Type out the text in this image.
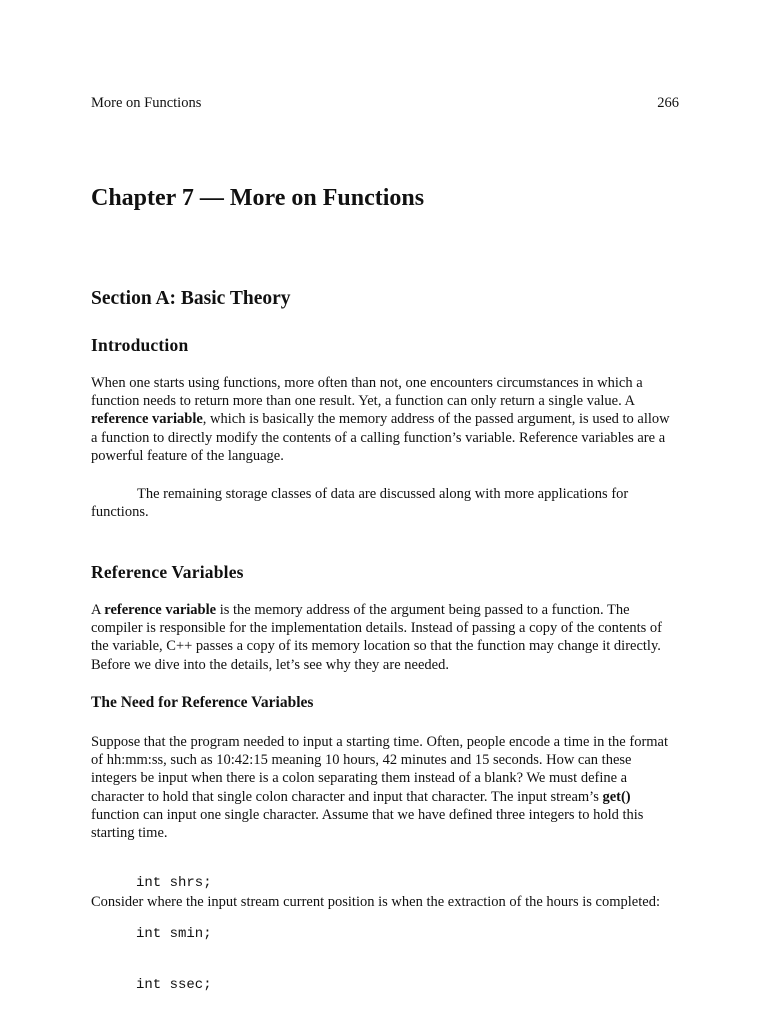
More on Functions	266
Chapter 7 — More on Functions
Section A: Basic Theory
Introduction

When one starts using functions, more often than not, one encounters circumstances in which a function needs to return more than one result. Yet, a function can only return a single value. A reference variable, which is basically the memory address of the passed argument, is used to allow a function to directly modify the contents of a calling function’s variable. Reference variables are a powerful feature of the language.

The remaining storage classes of data are discussed along with more applications for functions.

Reference Variables

A reference variable is the memory address of the argument being passed to a function. The compiler is responsible for the implementation details. Instead of passing a copy of the contents of the variable, C++ passes a copy of its memory location so that the function may change it directly. Before we dive into the details, let’s see why they are needed.

The Need for Reference Variables

Suppose that the program needed to input a starting time. Often, people encode a time in the format of hh:mm:ss, such as 10:42:15 meaning 10 hours, 42 minutes and 15 seconds. How can these integers be input when there is a colon separating them instead of a blank? We must define a character to hold that single colon character and input that character. The input stream’s get() function can input one single character. Assume that we have defined three integers to hold this starting time.

int shrs;

int smin;

int ssec;

Consider where the input stream current position is when the extraction of the hours is completed:
